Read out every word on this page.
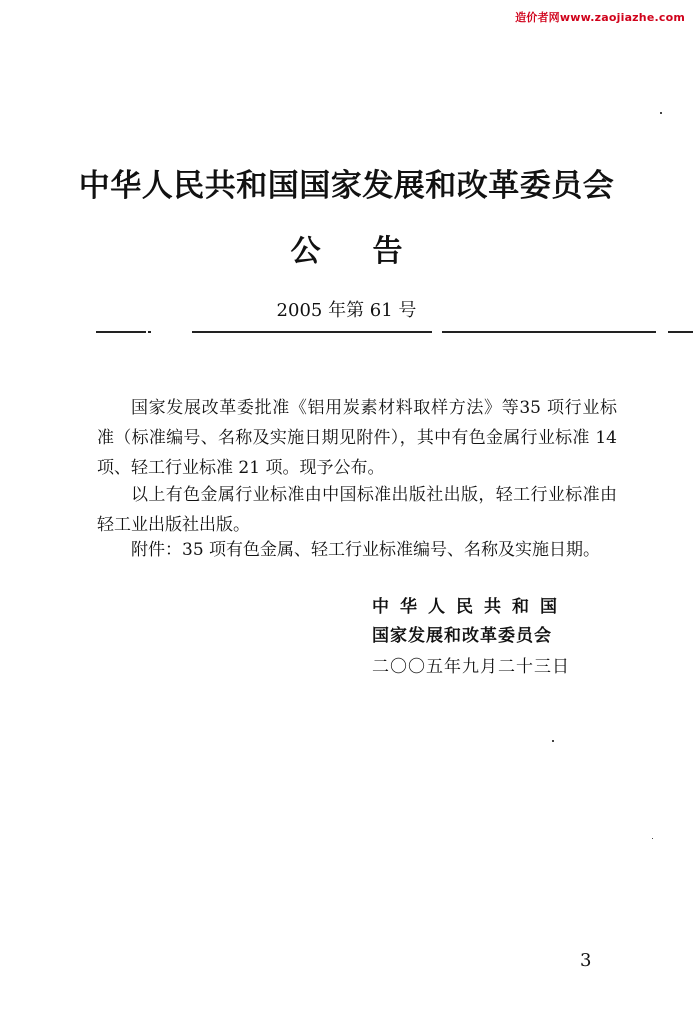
造价者网www.zaojiazhe.com
中华人民共和国国家发展和改革委员会
公告
2005 年第 61 号
国家发展改革委批准《铝用炭素材料取样方法》等35 项行业标准（标准编号、名称及实施日期见附件），其中有色金属行业标准 14 项、轻工行业标准 21 项。现予公布。
以上有色金属行业标准由中国标准出版社出版，轻工行业标准由轻工业出版社出版。
附件：35 项有色金属、轻工行业标准编号、名称及实施日期。
中华人民共和国
国家发展和改革委员会
二〇〇五年九月二十三日
3
